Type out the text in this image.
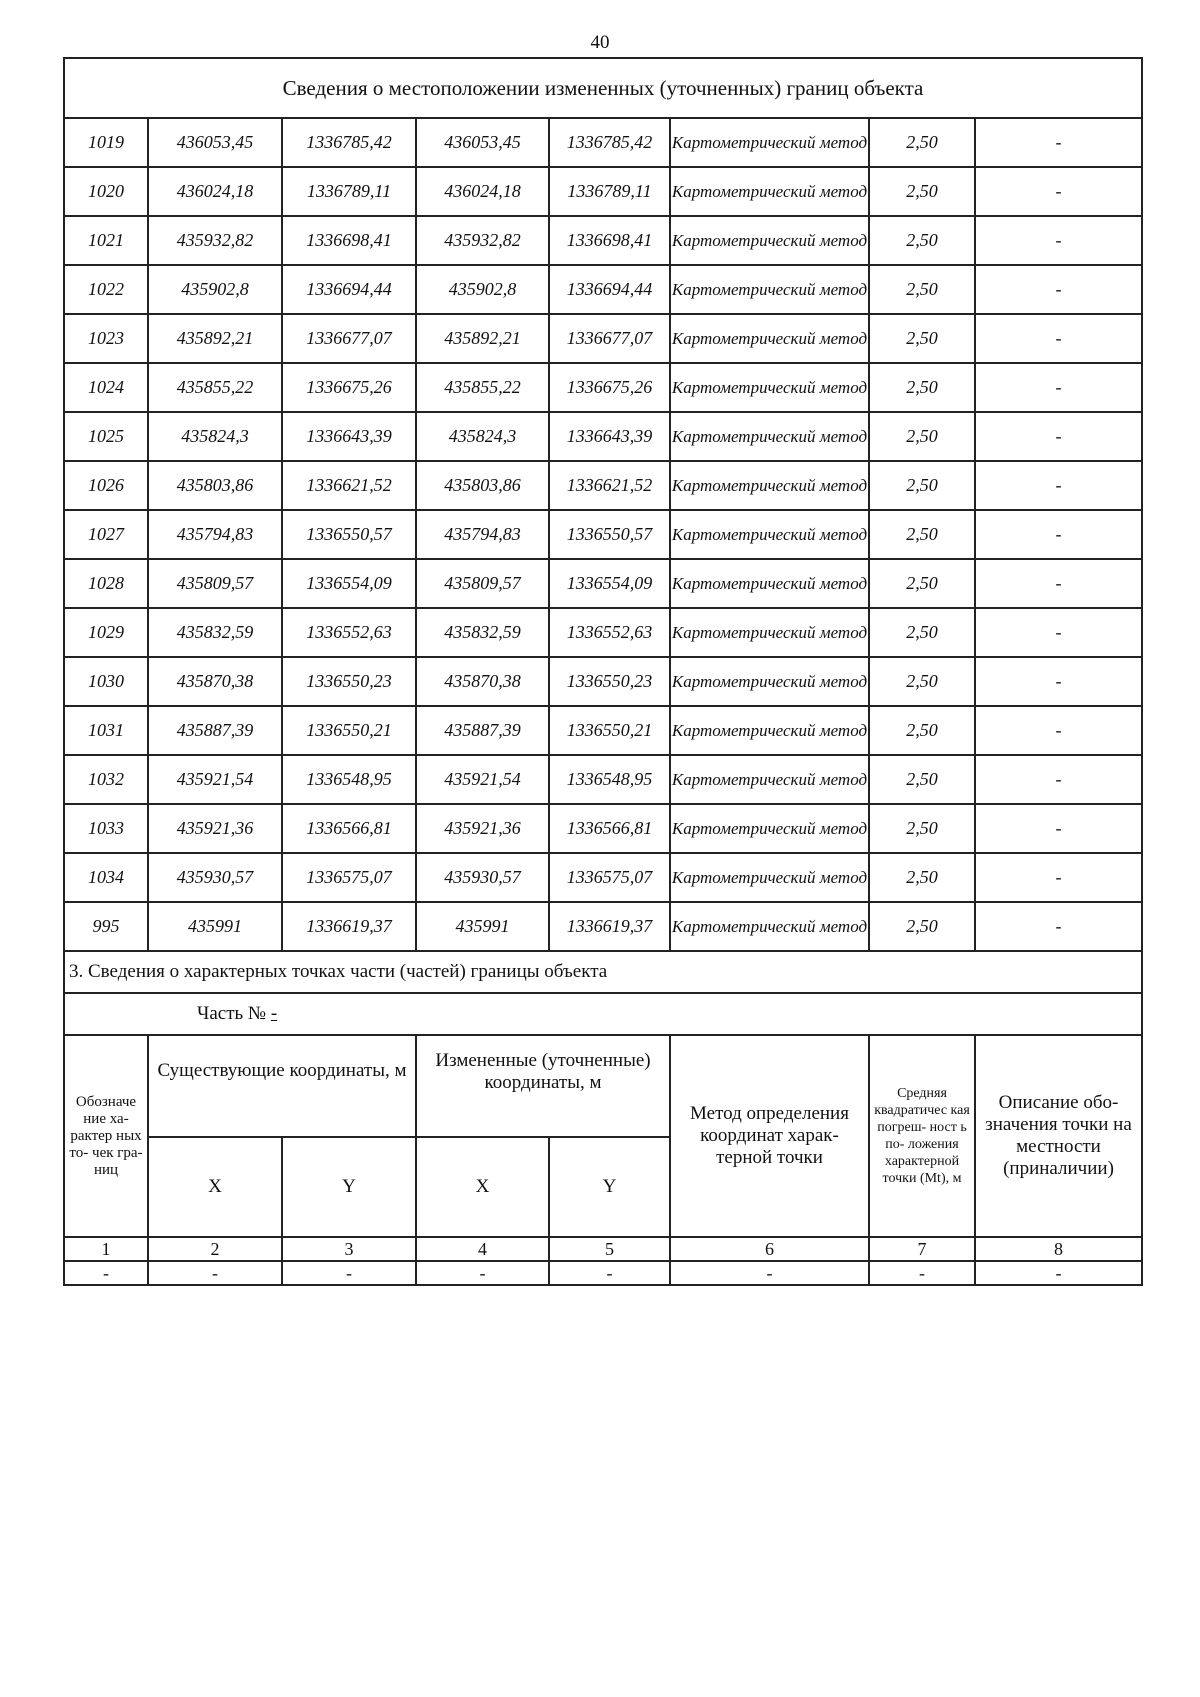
40
Сведения о местоположении измененных (уточненных) границ объекта							
1019	436053,45	1336785,42	436053,45	1336785,42	Картометрический метод	2,50	-
1020	436024,18	1336789,11	436024,18	1336789,11	Картометрический метод	2,50	-
1021	435932,82	1336698,41	435932,82	1336698,41	Картометрический метод	2,50	-
1022	435902,8	1336694,44	435902,8	1336694,44	Картометрический метод	2,50	-
1023	435892,21	1336677,07	435892,21	1336677,07	Картометрический метод	2,50	-
1024	435855,22	1336675,26	435855,22	1336675,26	Картометрический метод	2,50	-
1025	435824,3	1336643,39	435824,3	1336643,39	Картометрический метод	2,50	-
1026	435803,86	1336621,52	435803,86	1336621,52	Картометрический метод	2,50	-
1027	435794,83	1336550,57	435794,83	1336550,57	Картометрический метод	2,50	-
1028	435809,57	1336554,09	435809,57	1336554,09	Картометрический метод	2,50	-
1029	435832,59	1336552,63	435832,59	1336552,63	Картометрический метод	2,50	-
1030	435870,38	1336550,23	435870,38	1336550,23	Картометрический метод	2,50	-
1031	435887,39	1336550,21	435887,39	1336550,21	Картометрический метод	2,50	-
1032	435921,54	1336548,95	435921,54	1336548,95	Картометрический метод	2,50	-
1033	435921,36	1336566,81	435921,36	1336566,81	Картометрический метод	2,50	-
1034	435930,57	1336575,07	435930,57	1336575,07	Картометрический метод	2,50	-
995	435991	1336619,37	435991	1336619,37	Картометрический метод	2,50	-
3. Сведения о характерных точках части (частей) границы объекта							
Часть № -							
Обозначе ние ха- рактер ных то- чек гра- ниц	Существующие координаты, м		Измененные (уточненные) координаты, м		Метод определения координат харак- терной точки	Средняя квадратичес кая погреш- ност ь по- ложения характерной точки (Mt), м	Описание обо- значения точки на местности (приналичии)
	X	Y	X	Y			
1	2	3	4	5	6	7	8
-	-	-	-	-	-	-	-
